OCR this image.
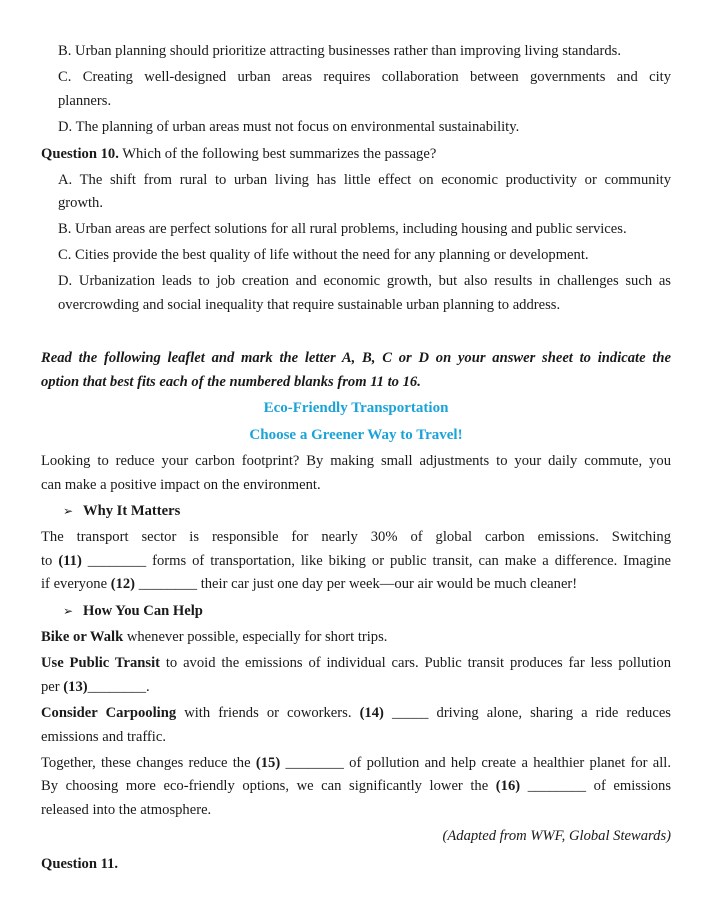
B. Urban planning should prioritize attracting businesses rather than improving living standards.
C. Creating well-designed urban areas requires collaboration between governments and city
planners.
D. The planning of urban areas must not focus on environmental sustainability.
Question 10. Which of the following best summarizes the passage?
A. The shift from rural to urban living has little effect on economic productivity or community
growth.
B. Urban areas are perfect solutions for all rural problems, including housing and public services.
C. Cities provide the best quality of life without the need for any planning or development.
D. Urbanization leads to job creation and economic growth, but also results in challenges such as
overcrowding and social inequality that require sustainable urban planning to address.
Read the following leaflet and mark the letter A, B, C or D on your answer sheet to indicate the
option that best fits each of the numbered blanks from 11 to 16.
Eco-Friendly Transportation
Choose a Greener Way to Travel!
Looking to reduce your carbon footprint? By making small adjustments to your daily commute, you
can make a positive impact on the environment.
➢ Why It Matters
The transport sector is responsible for nearly 30% of global carbon emissions. Switching
to (11) ________ forms of transportation, like biking or public transit, can make a difference. Imagine
if everyone (12) ________ their car just one day per week—our air would be much cleaner!
➢ How You Can Help
Bike or Walk whenever possible, especially for short trips.
Use Public Transit to avoid the emissions of individual cars. Public transit produces far less pollution
per (13)________.
Consider Carpooling with friends or coworkers. (14) _____ driving alone, sharing a ride reduces
emissions and traffic.
Together, these changes reduce the (15) ________ of pollution and help create a healthier planet for all.
By choosing more eco-friendly options, we can significantly lower the (16) ________ of emissions
released into the atmosphere.
(Adapted from WWF, Global Stewards)
Question 11.
